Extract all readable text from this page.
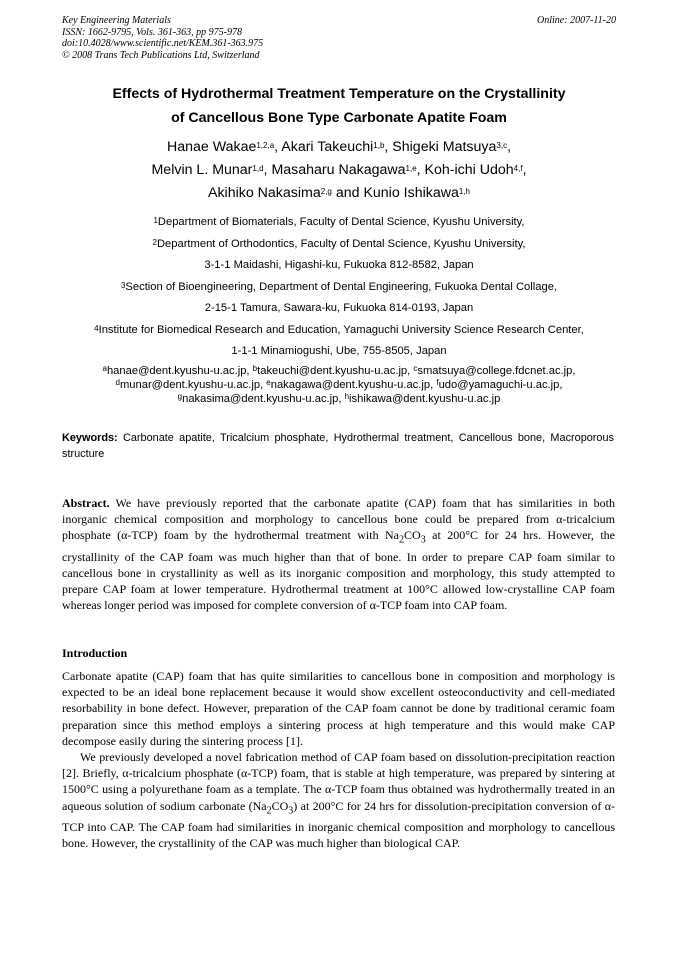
Key Engineering Materials
ISSN: 1662-9795, Vols. 361-363, pp 975-978
doi:10.4028/www.scientific.net/KEM.361-363.975
© 2008 Trans Tech Publications Ltd, Switzerland
Online: 2007-11-20
Effects of Hydrothermal Treatment Temperature on the Crystallinity
of Cancellous Bone Type Carbonate Apatite Foam
Hanae Wakae$^{1,2,a}$, Akari Takeuchi$^{1,b}$, Shigeki Matsuya$^{3,c}$,
Melvin L. Munar$^{1,d}$, Masaharu Nakagawa$^{1,e}$, Koh-ichi Udoh$^{4,f}$,
Akihiko Nakasima$^{2,g}$ and Kunio Ishikawa$^{1,h}$
$^1$Department of Biomaterials, Faculty of Dental Science, Kyushu University,
$^2$Department of Orthodontics, Faculty of Dental Science, Kyushu University,
3-1-1 Maidashi, Higashi-ku, Fukuoka 812-8582, Japan
$^3$Section of Bioengineering, Department of Dental Engineering, Fukuoka Dental Collage,
2-15-1 Tamura, Sawara-ku, Fukuoka 814-0193, Japan
$^4$Institute for Biomedical Research and Education, Yamaguchi University Science Research Center,
1-1-1 Minamiogushi, Ube, 755-8505, Japan
$^a$hanae@dent.kyushu-u.ac.jp, $^b$takeuchi@dent.kyushu-u.ac.jp, $^c$smatsuya@college.fdcnet.ac.jp,
$^d$munar@dent.kyushu-u.ac.jp, $^e$nakagawa@dent.kyushu-u.ac.jp, $^f$udo@yamaguchi-u.ac.jp,
$^g$nakasima@dent.kyushu-u.ac.jp, $^h$ishikawa@dent.kyushu-u.ac.jp
Keywords: Carbonate apatite, Tricalcium phosphate, Hydrothermal treatment, Cancellous bone, Macroporous structure
Abstract. We have previously reported that the carbonate apatite (CAP) foam that has similarities in both inorganic chemical composition and morphology to cancellous bone could be prepared from α-tricalcium phosphate (α-TCP) foam by the hydrothermal treatment with $Na_2CO_3$ at 200°C for 24 hrs. However, the crystallinity of the CAP foam was much higher than that of bone. In order to prepare CAP foam similar to cancellous bone in crystallinity as well as its inorganic composition and morphology, this study attempted to prepare CAP foam at lower temperature. Hydrothermal treatment at 100°C allowed low-crystalline CAP foam whereas longer period was imposed for complete conversion of α-TCP foam into CAP foam.
Introduction

Carbonate apatite (CAP) foam that has quite similarities to cancellous bone in composition and morphology is expected to be an ideal bone replacement because it would show excellent osteoconductivity and cell-mediated resorbability in bone defect. However, preparation of the CAP foam cannot be done by traditional ceramic foam preparation since this method employs a sintering process at high temperature and this would make CAP decompose easily during the sintering process [1].

We previously developed a novel fabrication method of CAP foam based on dissolution-precipitation reaction [2]. Briefly, α-tricalcium phosphate (α-TCP) foam, that is stable at high temperature, was prepared by sintering at 1500°C using a polyurethane foam as a template. The α-TCP foam thus obtained was hydrothermally treated in an aqueous solution of sodium carbonate $(Na_2CO_3)$ at 200°C for 24 hrs for dissolution-precipitation conversion of α-TCP into CAP. The CAP foam had similarities in inorganic chemical composition and morphology to cancellous bone. However, the crystallinity of the CAP was much higher than biological CAP.
